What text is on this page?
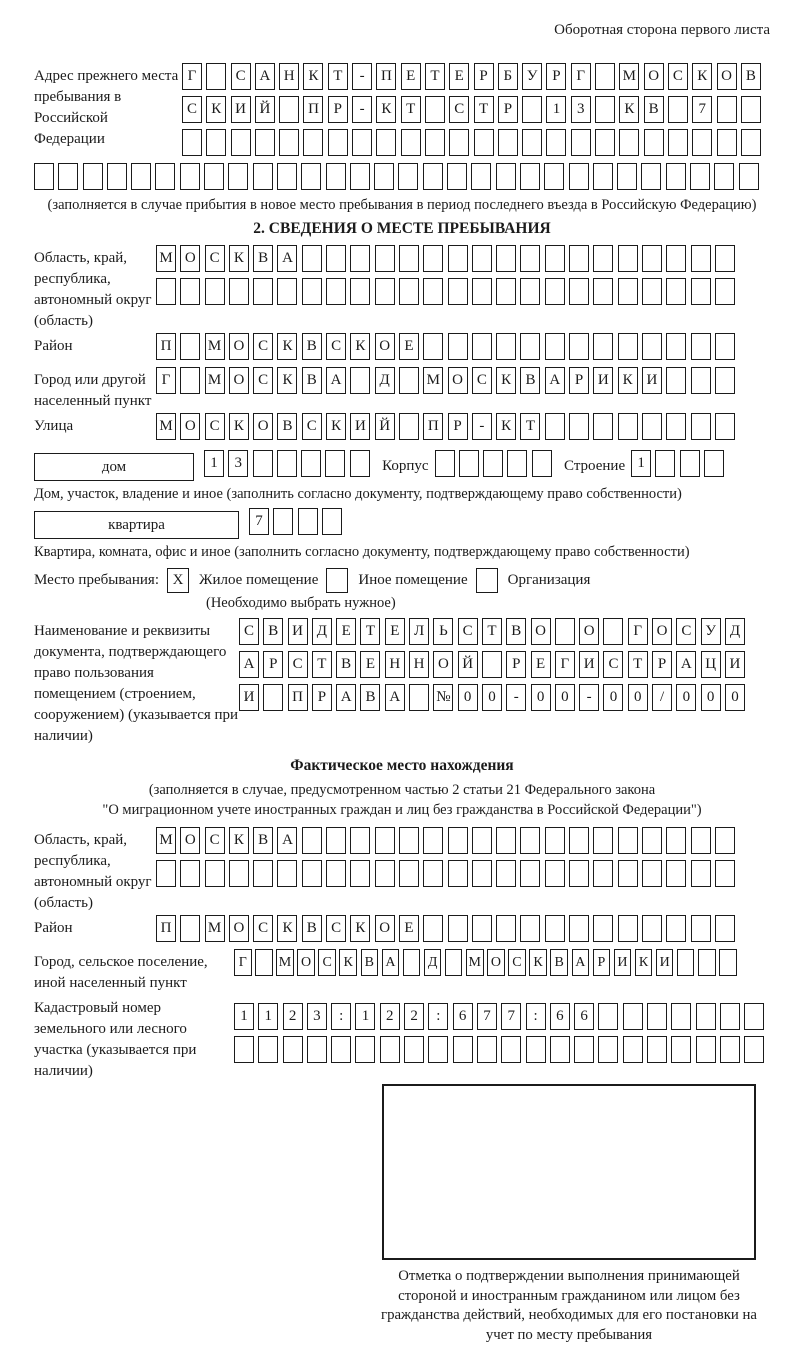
Оборотная сторона первого листа
Адрес прежнего места пребывания в Российской Федерации
Г	С А Н К Т - П Е Т Е Р Б У Р Г	М О С К О В
С К И Й	П Р - К Т	С Т Р	1 3	К В	7
(заполняется в случае прибытия в новое место пребывания в период последнего въезда в Российскую Федерацию)
2. СВЕДЕНИЯ О МЕСТЕ ПРЕБЫВАНИЯ
Область, край, республика, автономный округ (область)
М О С К В А
Район	П М О С К В С К О Е
Город или другой населенный пункт
Г	М О С К В А	Д М О С К В А Р И К И
Улица	М О С К О В С К И Й	П Р - К Т
дом	1 3	Корпус	Строение 1
Дом, участок, владение и иное (заполнить согласно документу, подтверждающему право собственности)
квартира	7
Квартира, комната, офис и иное (заполнить согласно документу, подтверждающему право собственности)
Место пребывания: X	Жилое помещение	Иное помещение	Организация
(Необходимо выбрать нужное)
Наименование и реквизиты документа, подтверждающего право пользования помещением (строением, сооружением) (указывается при наличии)
С В И Д Е Т Е Л Ь С Т В О	О	Г О С У Д
А Р С Т В Е Н Н О Й	Р Е Г И С Т Р А Ц И
И	П Р А В А № 0 0 - 0 0 - 0 0 / 0 0 0
Фактическое место нахождения
(заполняется в случае, предусмотренном частью 2 статьи 21 Федерального закона
"О миграционном учете иностранных граждан и лиц без гражданства в Российской Федерации")
Область, край, республика, автономный округ (область)
М О С К В А
Район	П М О С К В С К О Е
Город, сельское поселение, иной населенный пункт
Г М О С К В А Д М О С К В А Р И К И
Кадастровый номер земельного или лесного участка (указывается при наличии)
1 1 2 3 : 1 2 2 : 6 7 7 : 6 6
Отметка о подтверждении выполнения принимающей стороной и иностранным гражданином или лицом без гражданства действий, необходимых для его постановки на учет по месту пребывания
